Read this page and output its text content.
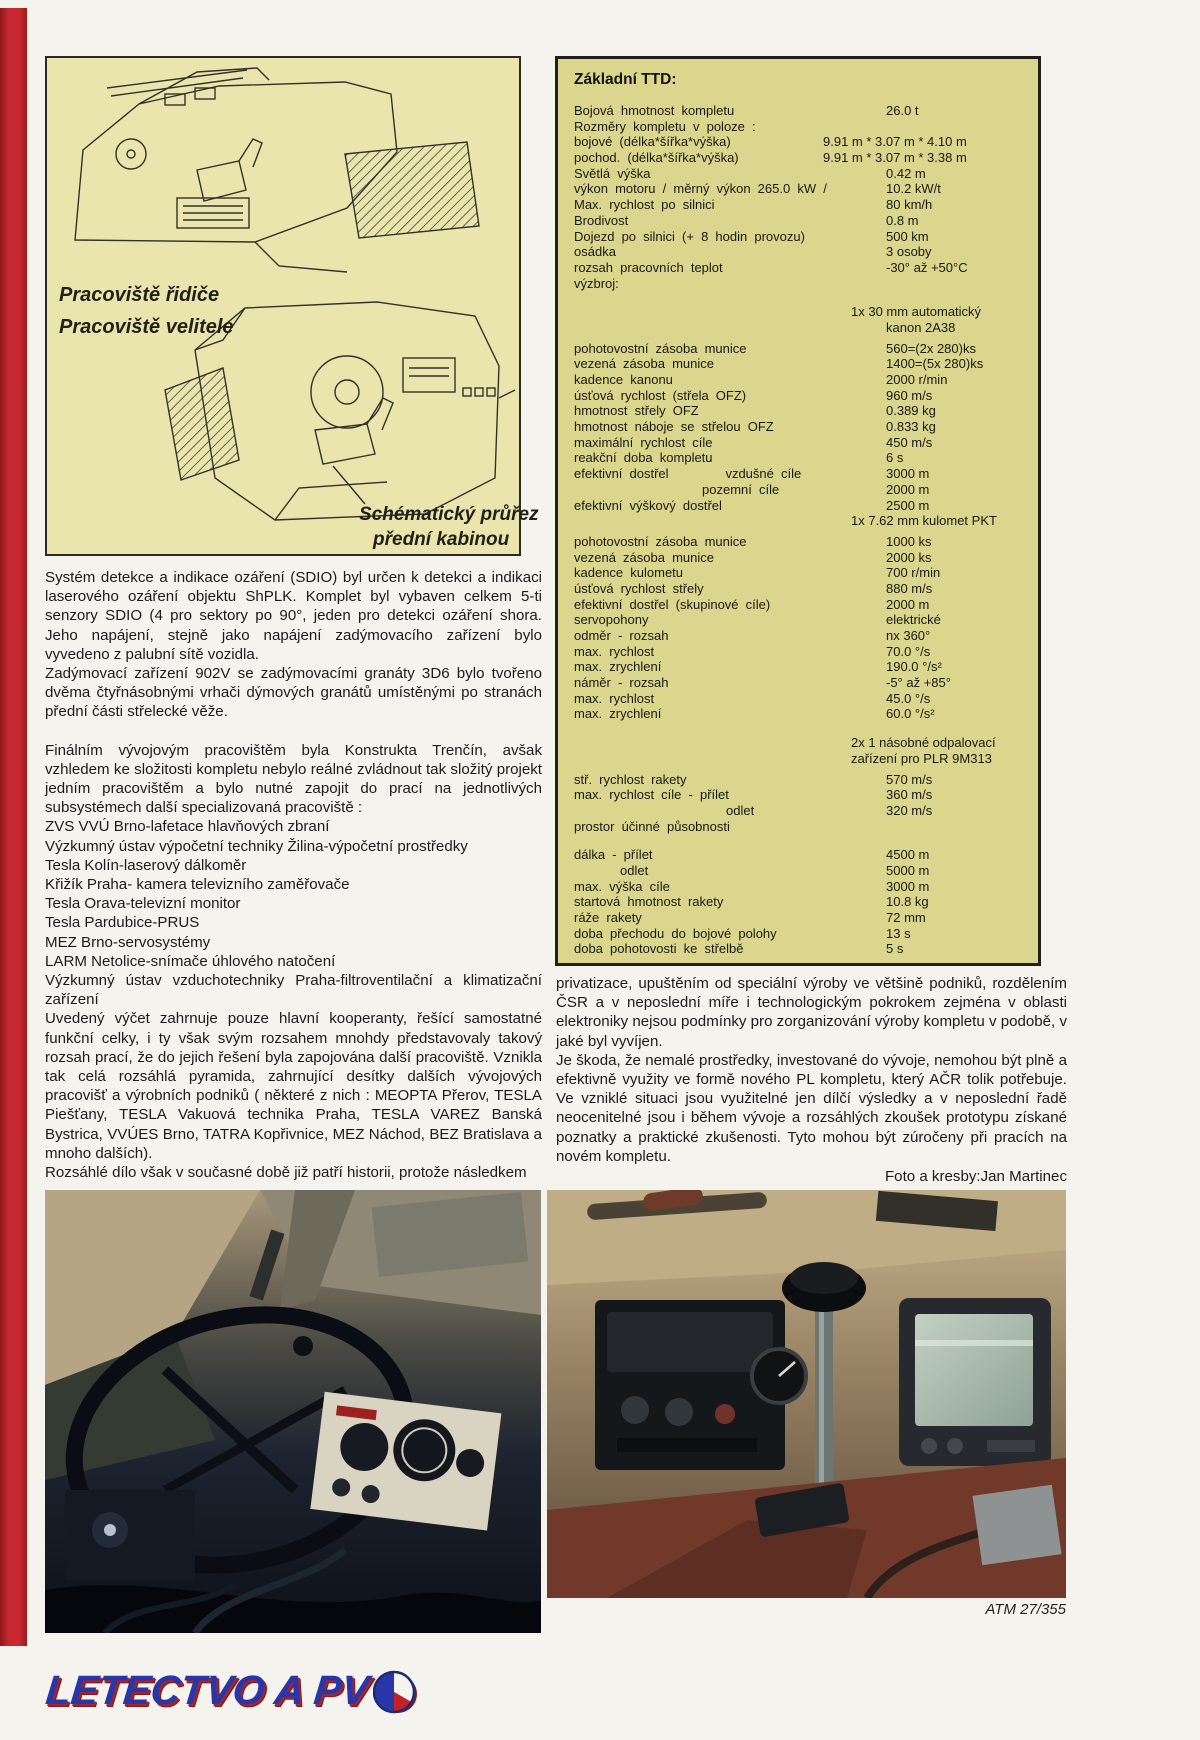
Pracoviště řidiče
Pracoviště velitele
Schématický průřez
přední kabinou
Základní TTD:
Bojová hmotnost kompletu	26.0 t
Rozměry kompletu v poloze :
bojové (délka*šířka*výška)	9.91 m * 3.07 m * 4.10 m
pochod. (délka*šířka*výška)	9.91 m * 3.07 m * 3.38 m
Světlá výška	0.42 m
výkon motoru / měrný výkon 265.0 kW /	10.2 kW/t
Max. rychlost po silnici	80 km/h
Brodivost	0.8 m
Dojezd po silnici (+ 8 hodin provozu)	500 km
osádka	3 osoby
rozsah pracovních teplot	-30° až +50°C
výzbroj:
1x 30 mm automatický
kanon 2A38
pohotovostní zásoba munice	560=(2x 280)ks
vezená zásoba munice	1400=(5x 280)ks
kadence kanonu	2000 r/min
úsťová rychlost (střela OFZ)	960 m/s
hmotnost střely OFZ	0.389 kg
hmotnost náboje se střelou OFZ	0.833 kg
maximální rychlost cíle	450 m/s
reakční doba kompletu	6 s
efektivní dostřel        vzdušné cíle	3000 m
pozemní cíle	2000 m
efektivní výškový dostřel	2500 m
1x 7.62 mm kulomet PKT
pohotovostní zásoba munice	1000 ks
vezená zásoba munice	2000 ks
kadence kulometu	700 r/min
úsťová rychlost střely	880 m/s
efektivní dostřel (skupinové cíle)	2000 m
servopohony	elektrické
odměr - rozsah	nx 360°
max. rychlost	70.0 °/s
max. zrychlení	190.0 °/s²
náměr - rozsah	-5° až +85°
max. rychlost	45.0 °/s
max. zrychlení	60.0 °/s²
2x 1 násobné odpalovací
zařízení pro PLR 9M313
stř. rychlost rakety	570 m/s
max. rychlost cíle - přílet	360 m/s
odlet	320 m/s
prostor účinné působnosti
dálka - přílet	4500 m
odlet	5000 m
max. výška cíle	3000 m
startová hmotnost rakety	10.8 kg
ráže rakety	72 mm
doba přechodu do bojové polohy	13 s
doba pohotovosti ke střelbě	5 s
Systém detekce a indikace ozáření (SDIO) byl určen k detekci a indikaci laserového ozáření objektu ShPLK. Komplet byl vybaven celkem 5-ti senzory SDIO (4 pro sektory po 90°, jeden pro detekci ozáření shora. Jeho napájení, stejně jako napájení zadýmovacího zařízení bylo vyvedeno z palubní sítě vozidla.
Zadýmovací zařízení 902V se zadýmovacími granáty 3D6 bylo tvořeno dvěma čtyřnásobnými vrhači dýmových granátů umístěnými po stranách přední části střelecké věže.
Finálním vývojovým pracovištěm byla Konstrukta Trenčín, avšak vzhledem ke složitosti kompletu nebylo reálné zvládnout tak složitý projekt jedním pracovištěm a bylo nutné zapojit do prací na jednotlivých subsystémech další specializovaná pracoviště :
ZVS VVÚ Brno-lafetace hlavňových zbraní
Výzkumný ústav výpočetní techniky Žilina-výpočetní prostředky
Tesla Kolín-laserový dálkoměr
Křižík Praha- kamera televizního zaměřovače
Tesla Orava-televizní monitor
Tesla Pardubice-PRUS
MEZ Brno-servosystémy
LARM Netolice-snímače úhlového natočení
Výzkumný ústav vzduchotechniky Praha-filtroventilační a klimatizační zařízení
Uvedený výčet zahrnuje pouze hlavní kooperanty, řešící samostatné funkční celky, i ty však svým rozsahem mnohdy představovaly takový rozsah prací, že do jejich řešení byla zapojována další pracoviště. Vznikla tak celá rozsáhlá pyramida, zahrnující desítky dalších vývojových pracovišť a výrobních podniků ( některé z nich : MEOPTA Přerov, TESLA Piešťany, TESLA Vakuová technika Praha, TESLA VAREZ Banská Bystrica, VVÚES Brno, TATRA Kopřivnice, MEZ Náchod, BEZ Bratislava a mnoho dalších).
Rozsáhlé dílo však v současné době již patří historii, protože následkem
privatizace, upuštěním od speciální výroby ve většině podniků, rozdělením ČSR a v neposlední míře i technologickým pokrokem zejména v oblasti elektroniky nejsou podmínky pro zorganizování výroby kompletu v podobě, v jaké byl vyvíjen.
Je škoda, že nemalé prostředky, investované do vývoje, nemohou být plně a efektivně využity ve formě nového PL kompletu, který AČR tolik potřebuje. Ve vzniklé situaci jsou využitelné jen dílčí výsledky a v neposlední řadě neocenitelné jsou i během vývoje a rozsáhlých zkoušek prototypu získané poznatky a praktické zkušenosti. Tyto mohou být zúročeny při pracích na novém kompletu.
Foto a kresby:Jan Martinec
ATM 27/355
LETECTVO A PV
